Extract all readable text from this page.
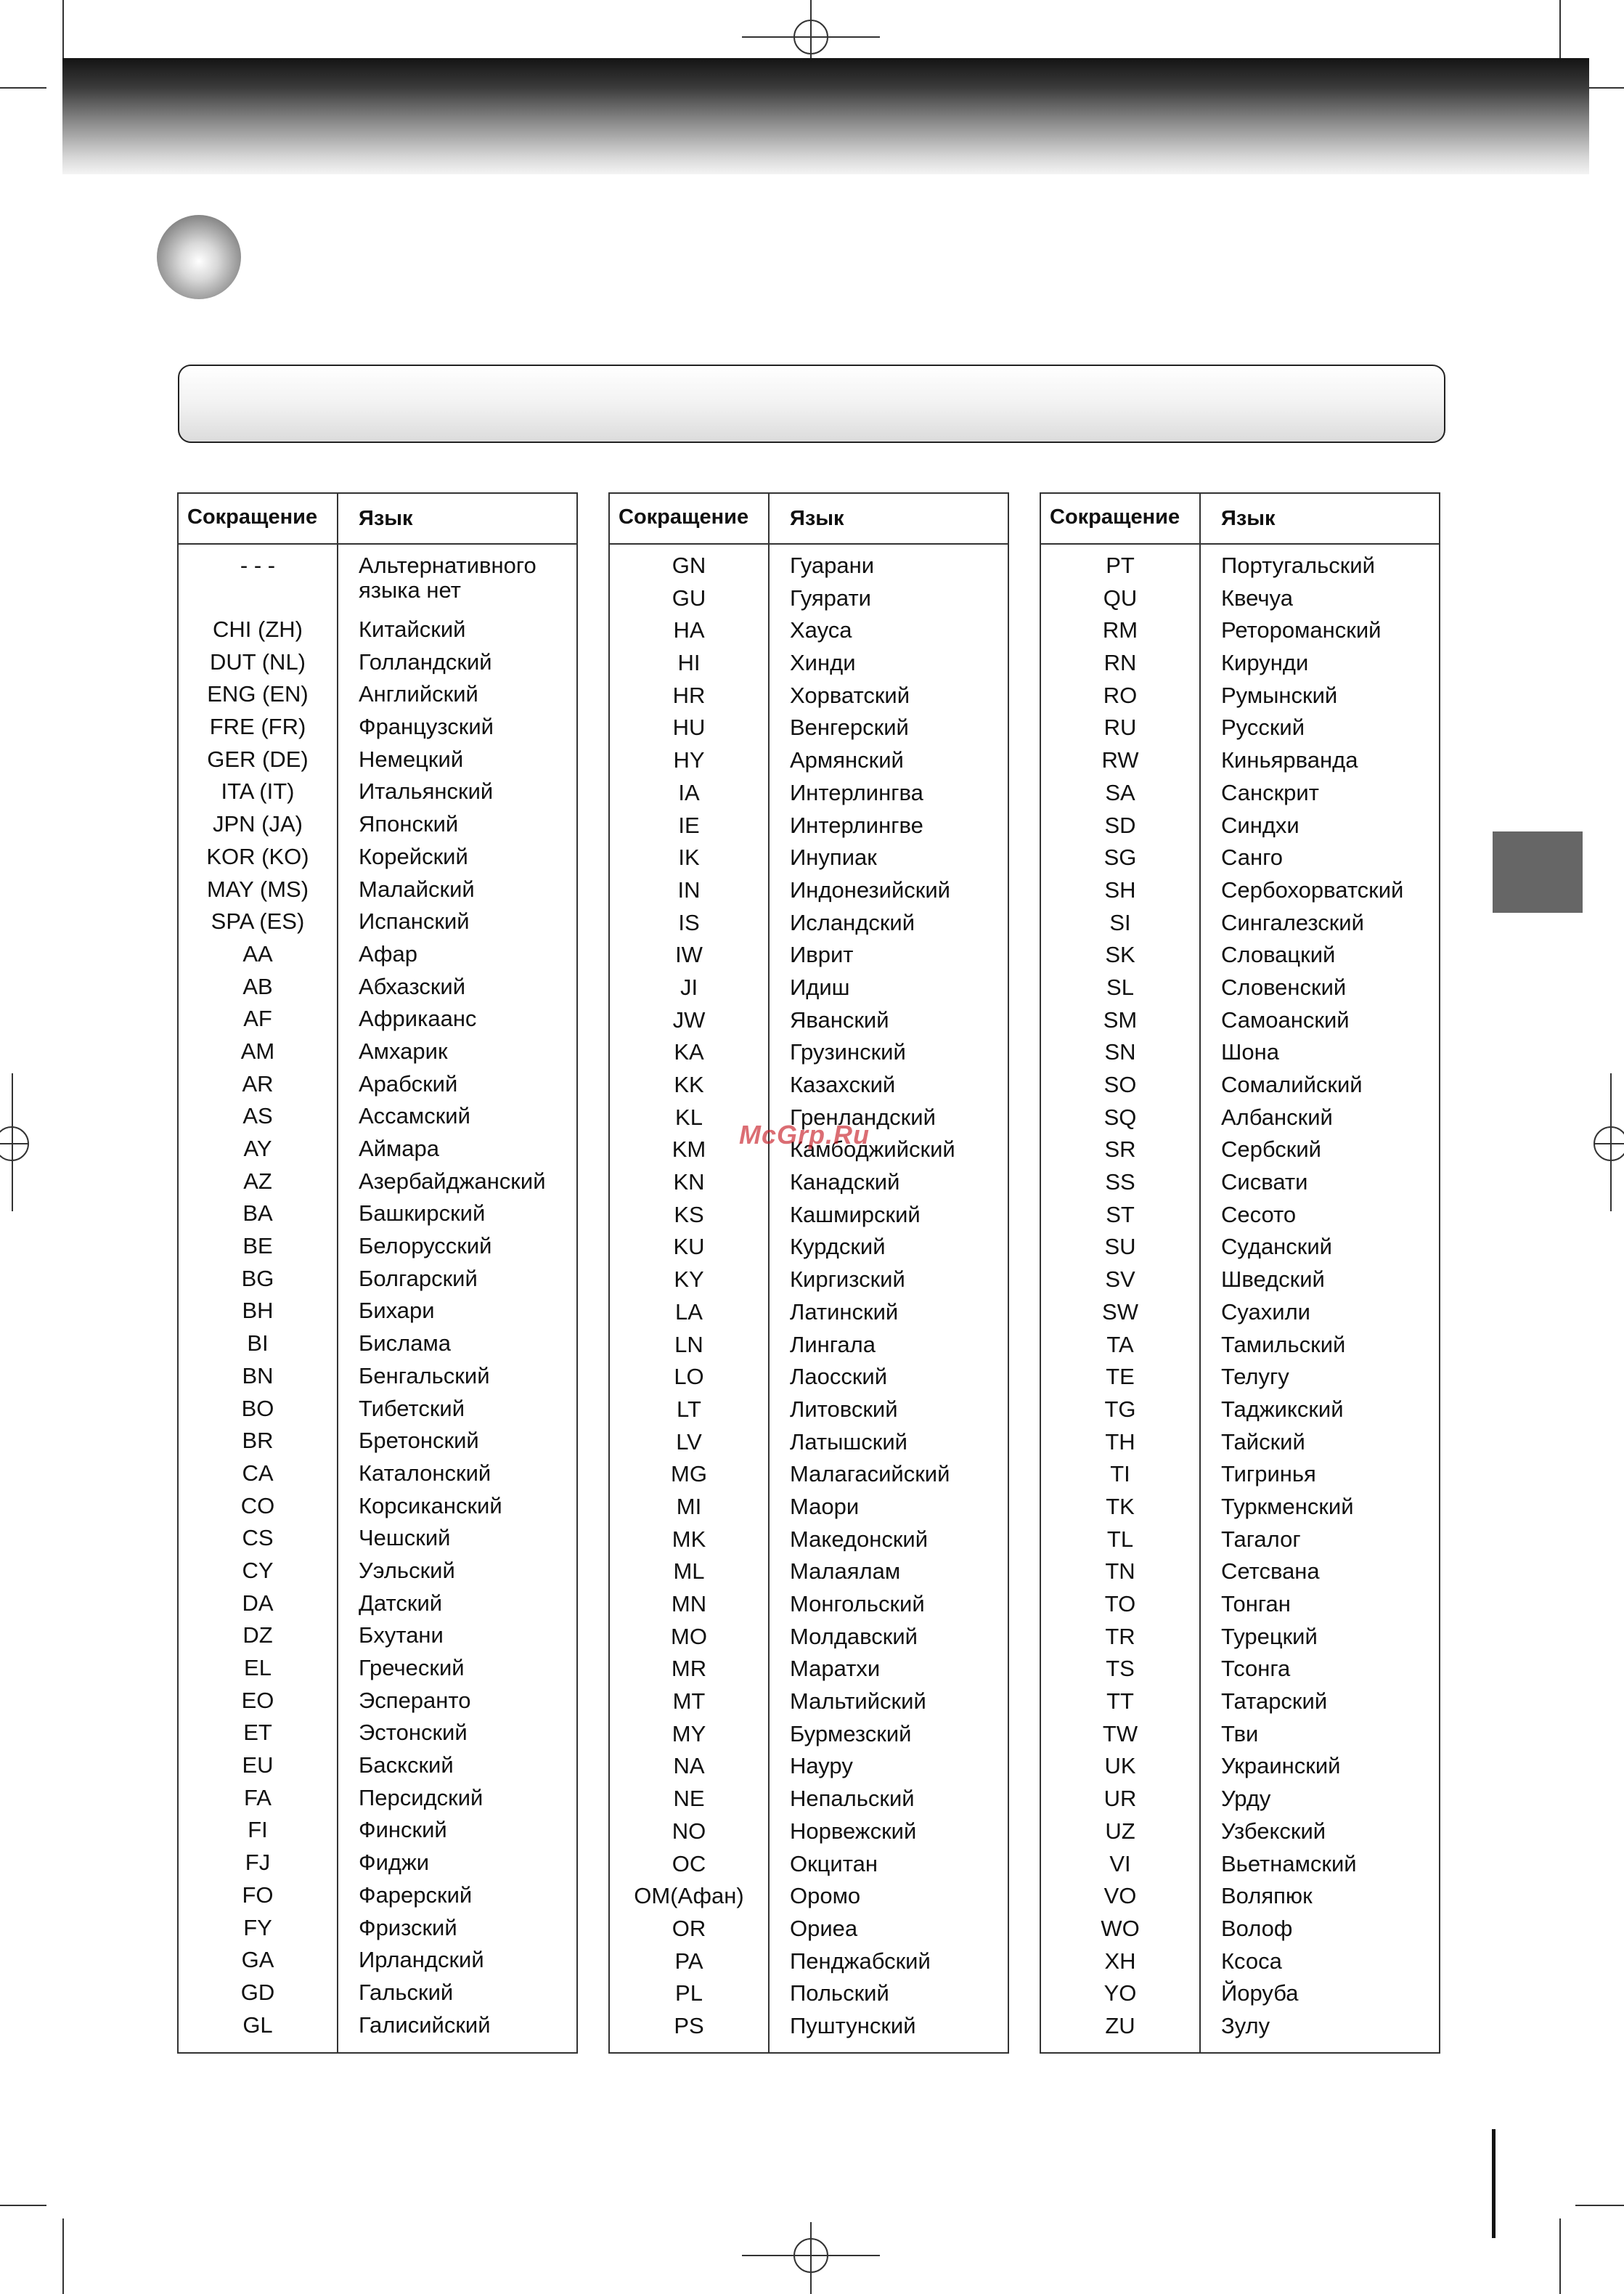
Сокращение Язык
- - -	Альтернативного языка нет
CHI (ZH)	Китайский
DUT (NL)	Голландский
ENG (EN)	Английский
FRE (FR)	Французский
GER (DE)	Немецкий
ITA (IT)	Итальянский
JPN (JA)	Японский
KOR (KO)	Корейский
MAY (MS)	Малайский
SPA (ES)	Испанский
AA	Афар
AB	Абхазский
AF	Африкаанс
AM	Амхарик
AR	Арабский
AS	Ассамский
AY	Аймара
AZ	Азербайджанский
BA	Башкирский
BE	Белорусский
BG	Болгарский
BH	Бихари
BI	Бислама
BN	Бенгальский
BO	Тибетский
BR	Бретонский
CA	Каталонский
CO	Корсиканский
CS	Чешский
CY	Уэльский
DA	Датский
DZ	Бхутани
EL	Греческий
EO	Эсперанто
ET	Эстонский
EU	Баскский
FA	Персидский
FI	Финский
FJ	Фиджи
FO	Фарерский
FY	Фризский
GA	Ирландский
GD	Гальский
GL	Галисийский
Сокращение Язык
GN	Гуарани
GU	Гуярати
HA	Хауса
HI	Хинди
HR	Хорватский
HU	Венгерский
HY	Армянский
IA	Интерлингва
IE	Интерлингве
IK	Инупиак
IN	Индонезийский
IS	Исландский
IW	Иврит
JI	Идиш
JW	Яванский
KA	Грузинский
KK	Казахский
KL	Гренландский
KM	Камбоджийский
KN	Канадский
KS	Кашмирский
KU	Курдский
KY	Киргизский
LA	Латинский
LN	Лингала
LO	Лаосский
LT	Литовский
LV	Латышский
MG	Малагасийский
MI	Маори
MK	Македонский
ML	Малаялам
MN	Монгольский
MO	Молдавский
MR	Маратхи
MT	Мальтийский
MY	Бурмезский
NA	Науру
NE	Непальский
NO	Норвежский
OC	Окцитан
OM(Афан)	Оромо
OR	Ориеа
PA	Пенджабский
PL	Польский
PS	Пуштунский
Сокращение Язык
PT	Португальский
QU	Квечуа
RM	Ретороманский
RN	Кирунди
RO	Румынский
RU	Русский
RW	Киньярванда
SA	Санскрит
SD	Синдхи
SG	Санго
SH	Сербохорватский
SI	Сингалезский
SK	Словацкий
SL	Словенский
SM	Самоанский
SN	Шона
SO	Сомалийский
SQ	Албанский
SR	Сербский
SS	Сисвати
ST	Сесото
SU	Суданский
SV	Шведский
SW	Суахили
TA	Тамильский
TE	Телугу
TG	Таджикский
TH	Тайский
TI	Тигринья
TK	Туркменский
TL	Тагалог
TN	Сетсвана
TO	Тонган
TR	Турецкий
TS	Тсонга
TT	Татарский
TW	Тви
UK	Украинский
UR	Урду
UZ	Узбекский
VI	Вьетнамский
VO	Воляпюк
WO	Волоф
XH	Ксоса
YO	Йоруба
ZU	Зулу
McGrp.Ru
